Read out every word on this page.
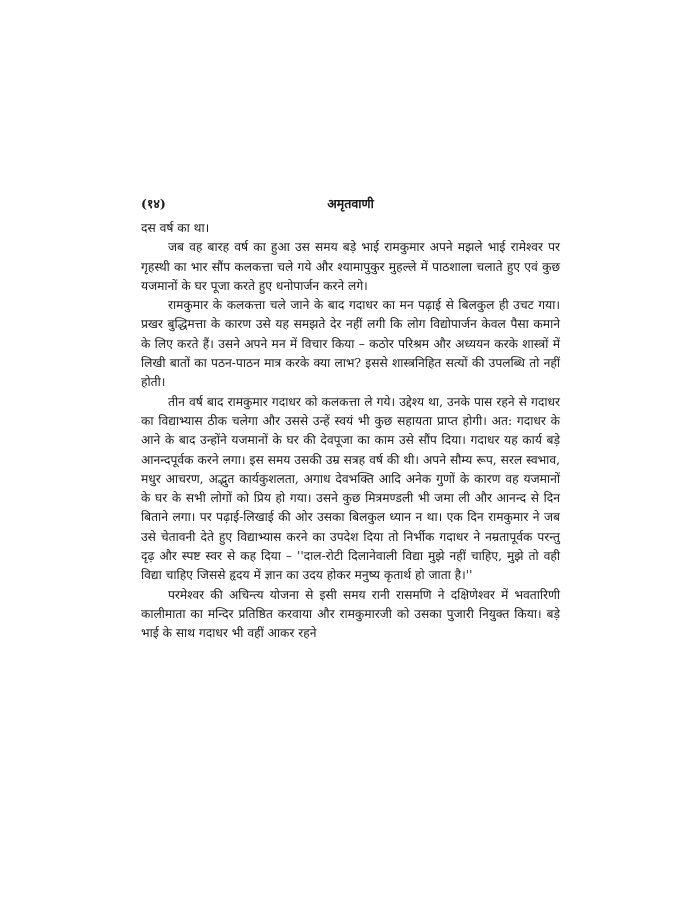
(१४)	अमृतवाणी

दस वर्ष का था।

जब वह बारह वर्ष का हुआ उस समय बड़े भाई रामकुमार अपने मझले भाई रामेश्वर पर गृहस्थी का भार सौंप कलकत्ता चले गये और श्यामापुकुर मुहल्ले में पाठशाला चलाते हुए एवं कुछ यजमानों के घर पूजा करते हुए धनोपार्जन करने लगे।

रामकुमार के कलकत्ता चले जाने के बाद गदाधर का मन पढ़ाई से बिलकुल ही उचट गया। प्रखर बुद्धिमत्ता के कारण उसे यह समझते देर नहीं लगी कि लोग विद्योपार्जन केवल पैसा कमाने के लिए करते हैं। उसने अपने मन में विचार किया – कठोर परिश्रम और अध्ययन करके शास्त्रों में लिखी बातों का पठन-पाठन मात्र करके क्या लाभ? इससे शास्त्रनिहित सत्यों की उपलब्धि तो नहीं होती।

तीन वर्ष बाद रामकुमार गदाधर को कलकत्ता ले गये। उद्देश्य था, उनके पास रहने से गदाधर का विद्याभ्यास ठीक चलेगा और उससे उन्हें स्वयं भी कुछ सहायता प्राप्त होगी। अत: गदाधर के आने के बाद उन्होंने यजमानों के घर की देवपूजा का काम उसे सौंप दिया। गदाधर यह कार्य बड़े आनन्दपूर्वक करने लगा। इस समय उसकी उम्र सत्रह वर्ष की थी। अपने सौम्य रूप, सरल स्वभाव, मधुर आचरण, अद्भुत कार्यकुशलता, अगाध देवभक्ति आदि अनेक गुणों के कारण वह यजमानों के घर के सभी लोगों को प्रिय हो गया। उसने कुछ मित्रमण्डली भी जमा ली और आनन्द से दिन बिताने लगा। पर पढ़ाई-लिखाई की ओर उसका बिलकुल ध्यान न था। एक दिन रामकुमार ने जब उसे चेतावनी देते हुए विद्याभ्यास करने का उपदेश दिया तो निर्भीक गदाधर ने नम्रतापूर्वक परन्तु दृढ़ और स्पष्ट स्वर से कह दिया – ''दाल-रोटी दिलानेवाली विद्या मुझे नहीं चाहिए, मुझे तो वही विद्या चाहिए जिससे हृदय में ज्ञान का उदय होकर मनुष्य कृतार्थ हो जाता है।''

परमेश्वर की अचिन्त्य योजना से इसी समय रानी रासमणि ने दक्षिणेश्वर में भवतारिणी कालीमाता का मन्दिर प्रतिष्ठित करवाया और रामकुमारजी को उसका पुजारी नियुक्त किया। बड़े भाई के साथ गदाधर भी वहीं आकर रहने
